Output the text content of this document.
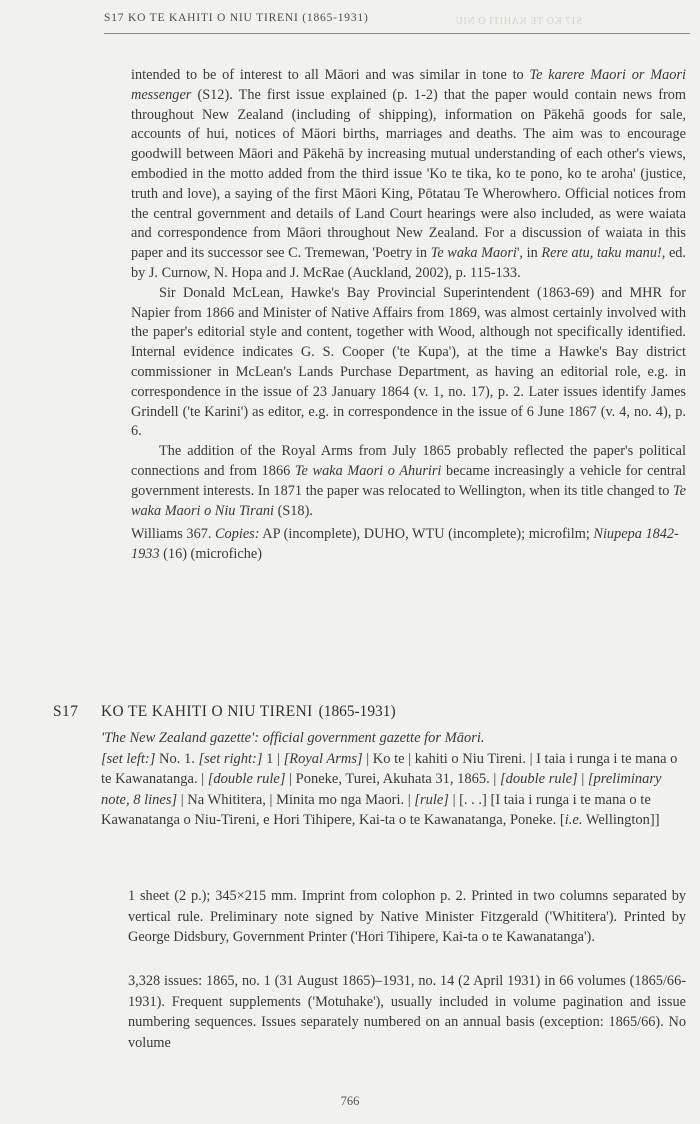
S17 KO TE KAHITI O NIU TIRENI (1865-1931)	S17 KO TE KAHITI O NIU

intended to be of interest to all Māori and was similar in tone to Te karere Maori or Maori messenger (S12). The first issue explained (p. 1-2) that the paper would contain news from throughout New Zealand (including of shipping), information on Pākehā goods for sale, accounts of hui, notices of Māori births, marriages and deaths. The aim was to encourage goodwill between Māori and Pākehā by increasing mutual understanding of each other's views, embodied in the motto added from the third issue 'Ko te tika, ko te pono, ko te aroha' (justice, truth and love), a saying of the first Māori King, Pōtatau Te Wherowhero. Official notices from the central government and details of Land Court hearings were also included, as were waiata and correspondence from Māori throughout New Zealand. For a discussion of waiata in this paper and its successor see C. Tremewan, 'Poetry in Te waka Maori', in Rere atu, taku manu!, ed. by J. Curnow, N. Hopa and J. McRae (Auckland, 2002), p. 115-133.

Sir Donald McLean, Hawke's Bay Provincial Superintendent (1863-69) and MHR for Napier from 1866 and Minister of Native Affairs from 1869, was almost certainly involved with the paper's editorial style and content, together with Wood, although not specifically identified. Internal evidence indicates G. S. Cooper ('te Kupa'), at the time a Hawke's Bay district commissioner in McLean's Lands Purchase Department, as having an editorial role, e.g. in correspondence in the issue of 23 January 1864 (v. 1, no. 17), p. 2. Later issues identify James Grindell ('te Karini') as editor, e.g. in correspondence in the issue of 6 June 1867 (v. 4, no. 4), p. 6.

The addition of the Royal Arms from July 1865 probably reflected the paper's political connections and from 1866 Te waka Maori o Ahuriri became increasingly a vehicle for central government interests. In 1871 the paper was relocated to Wellington, when its title changed to Te waka Maori o Niu Tirani (S18).

Williams 367. Copies: AP (incomplete), DUHO, WTU (incomplete); microfilm; Niupepa 1842-1933 (16) (microfiche)

S17 KO TE KAHITI O NIU TIRENI (1865-1931)

'The New Zealand gazette': official government gazette for Māori.
[set left:] No. 1. [set right:] 1 | [Royal Arms] | Ko te | kahiti o Niu Tireni. | I taia i runga i te mana o te Kawanatanga. | [double rule] | Poneke, Turei, Akuhata 31, 1865. | [double rule] | [preliminary note, 8 lines] | Na Whititera, | Minita mo nga Maori. | [rule] | [. . .] [I taia i runga i te mana o te Kawanatanga o Niu-Tireni, e Hori Tihipere, Kai-ta o te Kawanatanga, Poneke. [i.e. Wellington]]

1 sheet (2 p.); 345×215 mm. Imprint from colophon p. 2. Printed in two columns separated by vertical rule. Preliminary note signed by Native Minister Fitzgerald ('Whititera'). Printed by George Didsbury, Government Printer ('Hori Tihipere, Kai-ta o te Kawanatanga').

3,328 issues: 1865, no. 1 (31 August 1865)–1931, no. 14 (2 April 1931) in 66 volumes (1865/66-1931). Frequent supplements ('Motuhake'), usually included in volume pagination and issue numbering sequences. Issues separately numbered on an annual basis (exception: 1865/66). No volume

766
